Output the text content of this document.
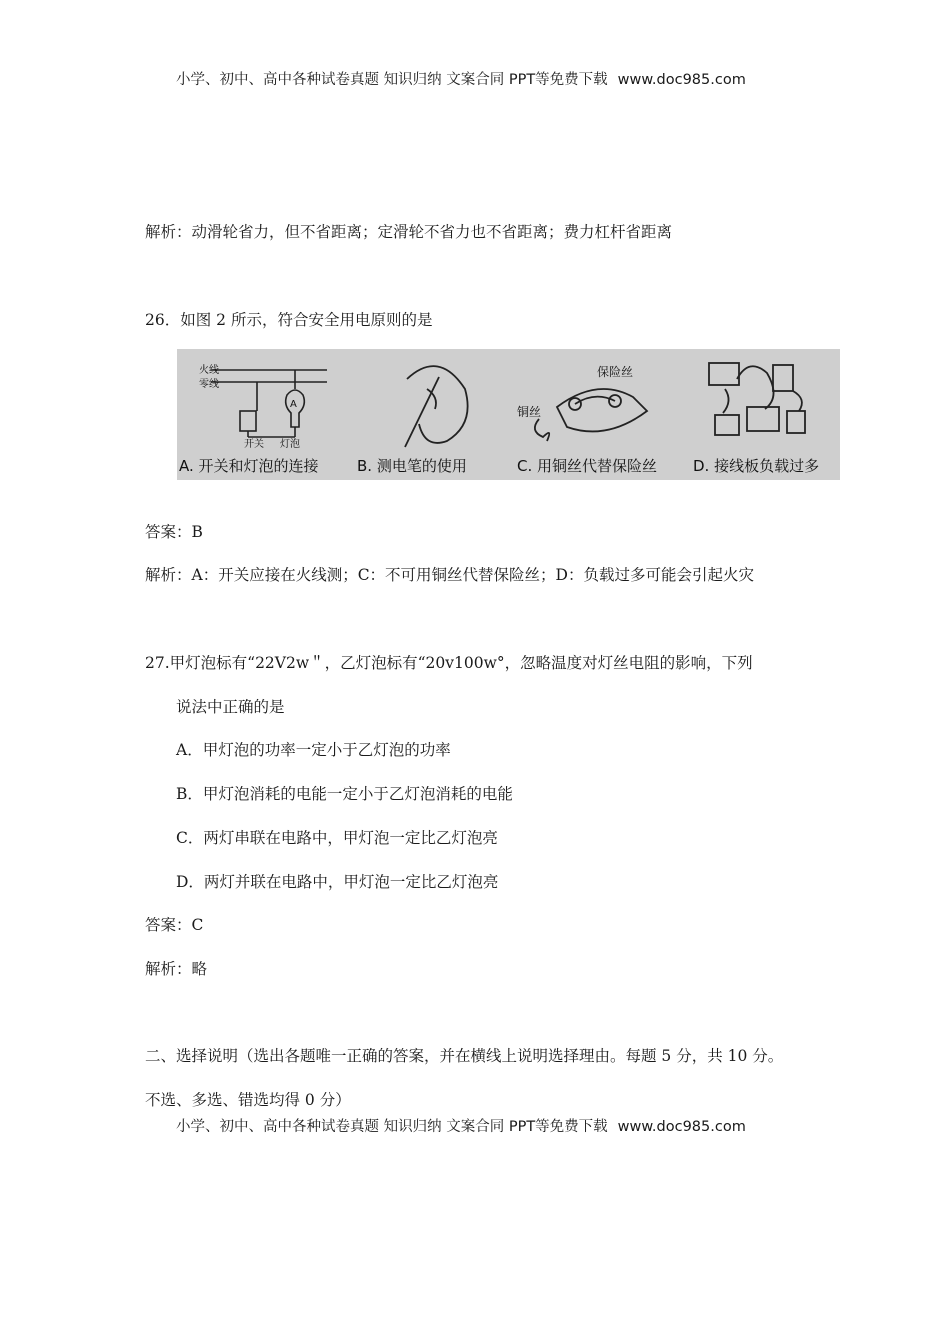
小学、初中、高中各种试卷真题 知识归纳 文案合同 PPT等免费下载 www.doc985.com
解析：动滑轮省力，但不省距离；定滑轮不省力也不省距离；费力杠杆省距离
26．如图 2 所示，符合安全用电原则的是
火线
零线
开关
A
灯泡
保险丝
铜丝
A. 开关和灯泡的连接	B. 测电笔的使用	C. 用铜丝代替保险丝 D. 接线板负载过多
答案：B
解析：A：开关应接在火线测；C：不可用铜丝代替保险丝；D：负载过多可能会引起火灾
27.甲灯泡标有“22V2w＂，乙灯泡标有“20v100w°，忽略温度对灯丝电阻的影响，下列
说法中正确的是
A．甲灯泡的功率一定小于乙灯泡的功率
B．甲灯泡消耗的电能一定小于乙灯泡消耗的电能
C．两灯串联在电路中，甲灯泡一定比乙灯泡亮
D．两灯并联在电路中，甲灯泡一定比乙灯泡亮
答案：C
解析：略
二、选择说明（选出各题唯一正确的答案，并在横线上说明选择理由。每题 5 分，共 10 分。
不选、多选、错选均得 0 分）
小学、初中、高中各种试卷真题 知识归纳 文案合同 PPT等免费下载 www.doc985.com
